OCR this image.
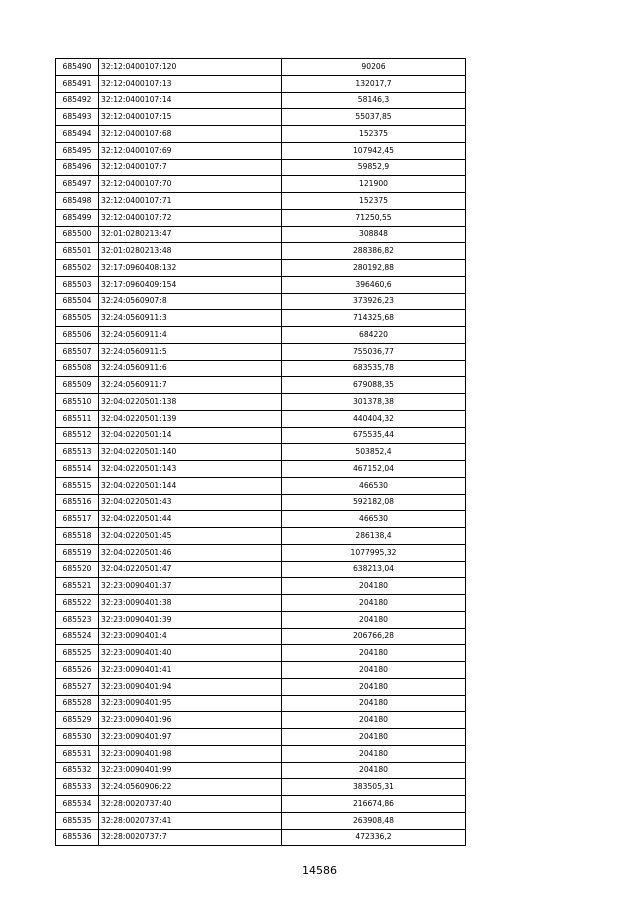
685490	32:12:0400107:120	90206
685491	32:12:0400107:13	132017,7
685492	32:12:0400107:14	58146,3
685493	32:12:0400107:15	55037,85
685494	32:12:0400107:68	152375
685495	32:12:0400107:69	107942,45
685496	32:12:0400107:7	59852,9
685497	32:12:0400107:70	121900
685498	32:12:0400107:71	152375
685499	32:12:0400107:72	71250,55
685500	32:01:0280213:47	308848
685501	32:01:0280213:48	288386,82
685502	32:17:0960408:132	280192,88
685503	32:17:0960409:154	396460,6
685504	32:24:0560907:8	373926,23
685505	32:24:0560911:3	714325,68
685506	32:24:0560911:4	684220
685507	32:24:0560911:5	755036,77
685508	32:24:0560911:6	683535,78
685509	32:24:0560911:7	679088,35
685510	32:04:0220501:138	301378,38
685511	32:04:0220501:139	440404,32
685512	32:04:0220501:14	675535,44
685513	32:04:0220501:140	503852,4
685514	32:04:0220501:143	467152,04
685515	32:04:0220501:144	466530
685516	32:04:0220501:43	592182,08
685517	32:04:0220501:44	466530
685518	32:04:0220501:45	286138,4
685519	32:04:0220501:46	1077995,32
685520	32:04:0220501:47	638213,04
685521	32:23:0090401:37	204180
685522	32:23:0090401:38	204180
685523	32:23:0090401:39	204180
685524	32:23:0090401:4	206766,28
685525	32:23:0090401:40	204180
685526	32:23:0090401:41	204180
685527	32:23:0090401:94	204180
685528	32:23:0090401:95	204180
685529	32:23:0090401:96	204180
685530	32:23:0090401:97	204180
685531	32:23:0090401:98	204180
685532	32:23:0090401:99	204180
685533	32:24:0560906:22	383505,31
685534	32:28:0020737:40	216674,86
685535	32:28:0020737:41	263908,48
685536	32:28:0020737:7	472336,2
14586
